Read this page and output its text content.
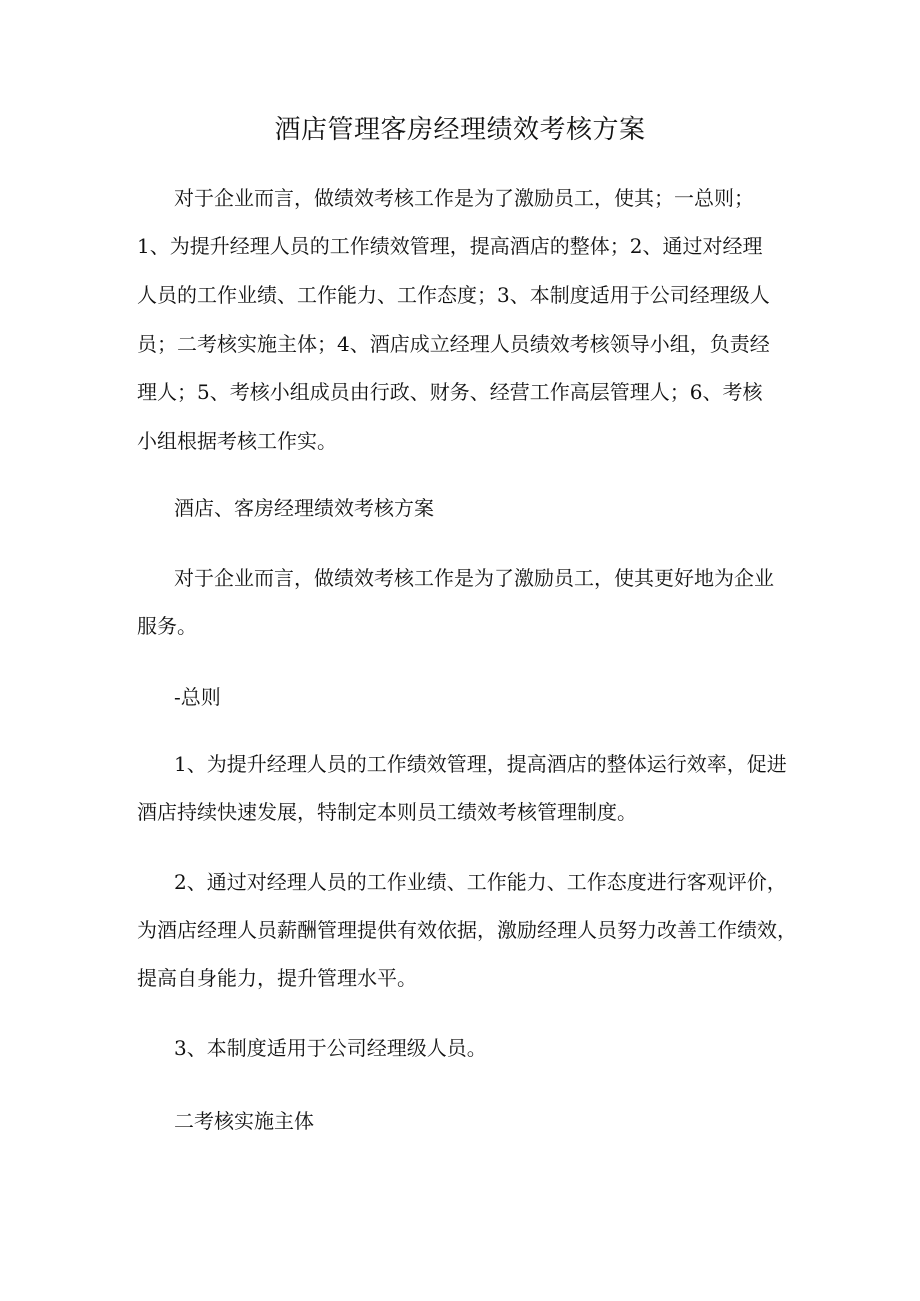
酒店管理客房经理绩效考核方案
对于企业而言，做绩效考核工作是为了激励员工，使其；一总则；
1、为提升经理人员的工作绩效管理，提高酒店的整体；2、通过对经理
人员的工作业绩、工作能力、工作态度；3、本制度适用于公司经理级人
员；二考核实施主体；4、酒店成立经理人员绩效考核领导小组，负责经
理人；5、考核小组成员由行政、财务、经营工作高层管理人；6、考核
小组根据考核工作实。
酒店、客房经理绩效考核方案
对于企业而言，做绩效考核工作是为了激励员工，使其更好地为企业
服务。
-总则
1、为提升经理人员的工作绩效管理，提高酒店的整体运行效率，促进
酒店持续快速发展，特制定本则员工绩效考核管理制度。
2、通过对经理人员的工作业绩、工作能力、工作态度进行客观评价，
为酒店经理人员薪酬管理提供有效依据，激励经理人员努力改善工作绩效，
提高自身能力，提升管理水平。
3、本制度适用于公司经理级人员。
二考核实施主体
